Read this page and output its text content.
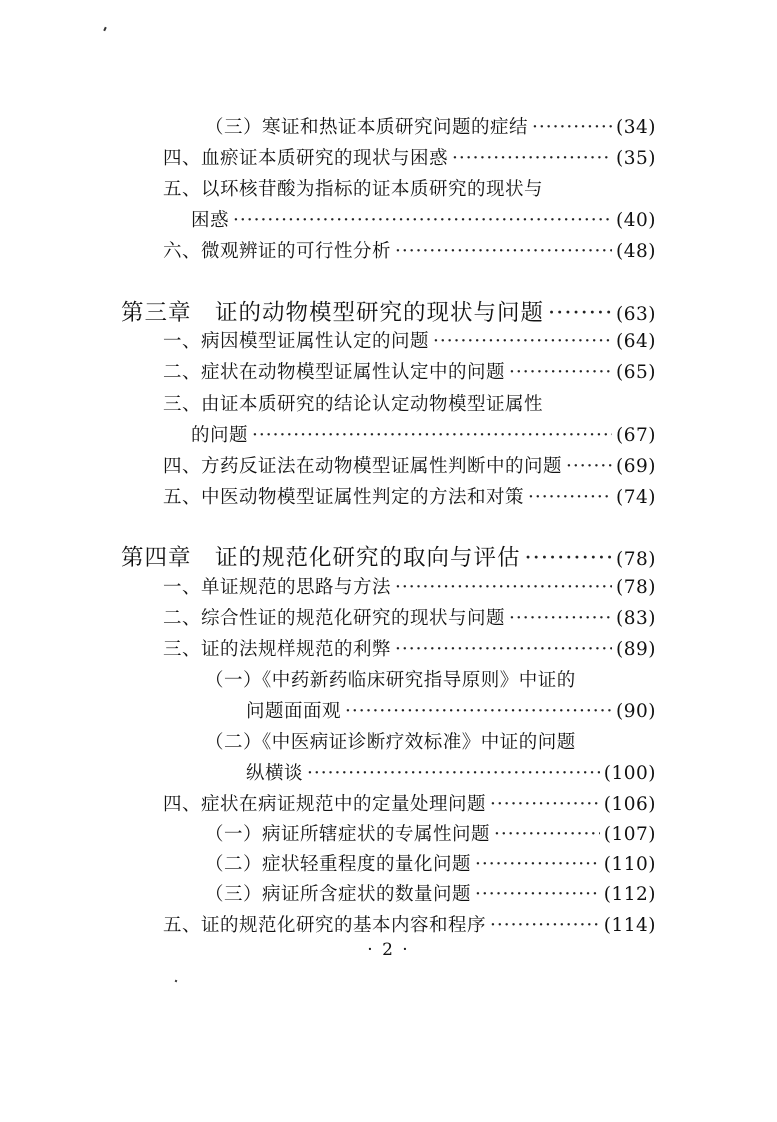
（三）寒证和热证本质研究问题的症结 ·····	(34)
四、血瘀证本质研究的现状与困惑 ·····	(35)
五、以环核苷酸为指标的证本质研究的现状与
困惑 ·····	(40)
六、微观辨证的可行性分析 ·····	(48)
第三章　证的动物模型研究的现状与问题 ·····	(63)
一、病因模型证属性认定的问题 ·····	(64)
二、症状在动物模型证属性认定中的问题 ·····	(65)
三、由证本质研究的结论认定动物模型证属性
的问题 ·····	(67)
四、方药反证法在动物模型证属性判断中的问题 ·····	(69)
五、中医动物模型证属性判定的方法和对策 ·····	(74)
第四章　证的规范化研究的取向与评估 ·····	(78)
一、单证规范的思路与方法 ·····	(78)
二、综合性证的规范化研究的现状与问题 ·····	(83)
三、证的法规样规范的利弊 ·····	(89)
（一）《中药新药临床研究指导原则》中证的
问题面面观 ·····	(90)
（二）《中医病证诊断疗效标准》中证的问题
纵横谈 ·····	(100)
四、症状在病证规范中的定量处理问题 ·····	(106)
（一）病证所辖症状的专属性问题 ·····	(107)
（二）症状轻重程度的量化问题 ·····	(110)
（三）病证所含症状的数量问题 ·····	(112)
五、证的规范化研究的基本内容和程序 ·····	(114)
· 2 ·
